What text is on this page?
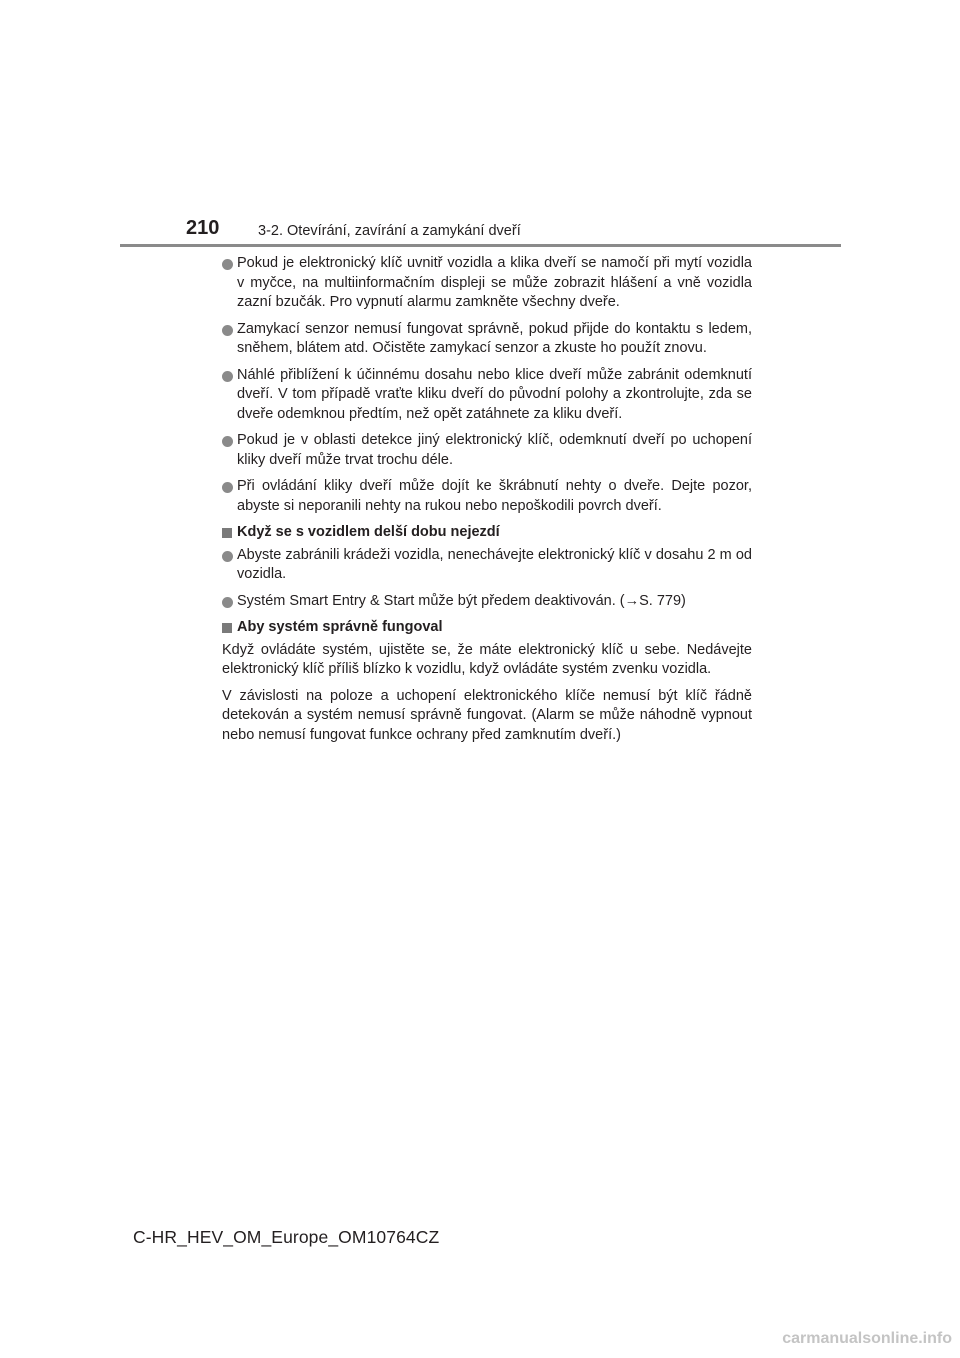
210	3-2. Otevírání, zavírání a zamykání dveří
Pokud je elektronický klíč uvnitř vozidla a klika dveří se namočí při mytí vozidla v myčce, na multiinformačním displeji se může zobrazit hlášení a vně vozidla zazní bzučák. Pro vypnutí alarmu zamkněte všechny dveře.
Zamykací senzor nemusí fungovat správně, pokud přijde do kontaktu s ledem, sněhem, blátem atd. Očistěte zamykací senzor a zkuste ho použít znovu.
Náhlé přiblížení k účinnému dosahu nebo klice dveří může zabránit odemknutí dveří. V tom případě vraťte kliku dveří do původní polohy a zkontrolujte, zda se dveře odemknou předtím, než opět zatáhnete za kliku dveří.
Pokud je v oblasti detekce jiný elektronický klíč, odemknutí dveří po uchopení kliky dveří může trvat trochu déle.
Při ovládání kliky dveří může dojít ke škrábnutí nehty o dveře. Dejte pozor, abyste si neporanili nehty na rukou nebo nepoškodili povrch dveří.
Když se s vozidlem delší dobu nejezdí
Abyste zabránili krádeži vozidla, nenechávejte elektronický klíč v dosahu 2 m od vozidla.
Systém Smart Entry & Start může být předem deaktivován. (→S. 779)
Aby systém správně fungoval
Když ovládáte systém, ujistěte se, že máte elektronický klíč u sebe. Nedávejte elektronický klíč příliš blízko k vozidlu, když ovládáte systém zvenku vozidla.
V závislosti na poloze a uchopení elektronického klíče nemusí být klíč řádně detekován a systém nemusí správně fungovat. (Alarm se může náhodně vypnout nebo nemusí fungovat funkce ochrany před zamknutím dveří.)
C-HR_HEV_OM_Europe_OM10764CZ
carmanualsonline.info
